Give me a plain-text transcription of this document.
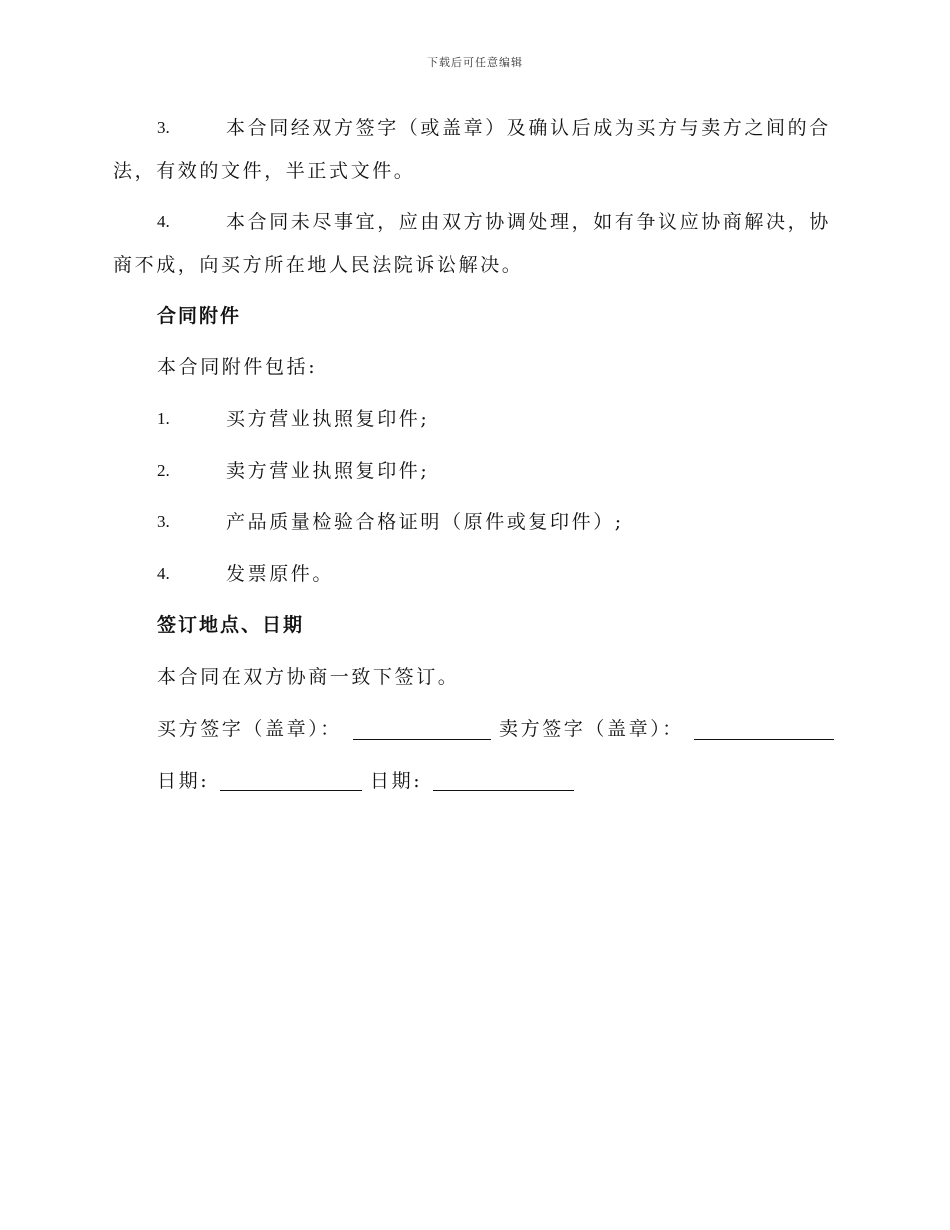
下载后可任意编辑
3.	本合同经双方签字（或盖章）及确认后成为买方与卖方之间的合
法，有效的文件，半正式文件。
4.	本合同未尽事宜，应由双方协调处理，如有争议应协商解决，协
商不成，向买方所在地人民法院诉讼解决。
合同附件
本合同附件包括:
1.	买方营业执照复印件;
2.	卖方营业执照复印件;
3.	产品质量检验合格证明（原件或复印件）;
4.	发票原件。
签订地点、日期
本合同在双方协商一致下签订。
买方签字（盖章）：	卖方签字（盖章）：
日期:	日期:
